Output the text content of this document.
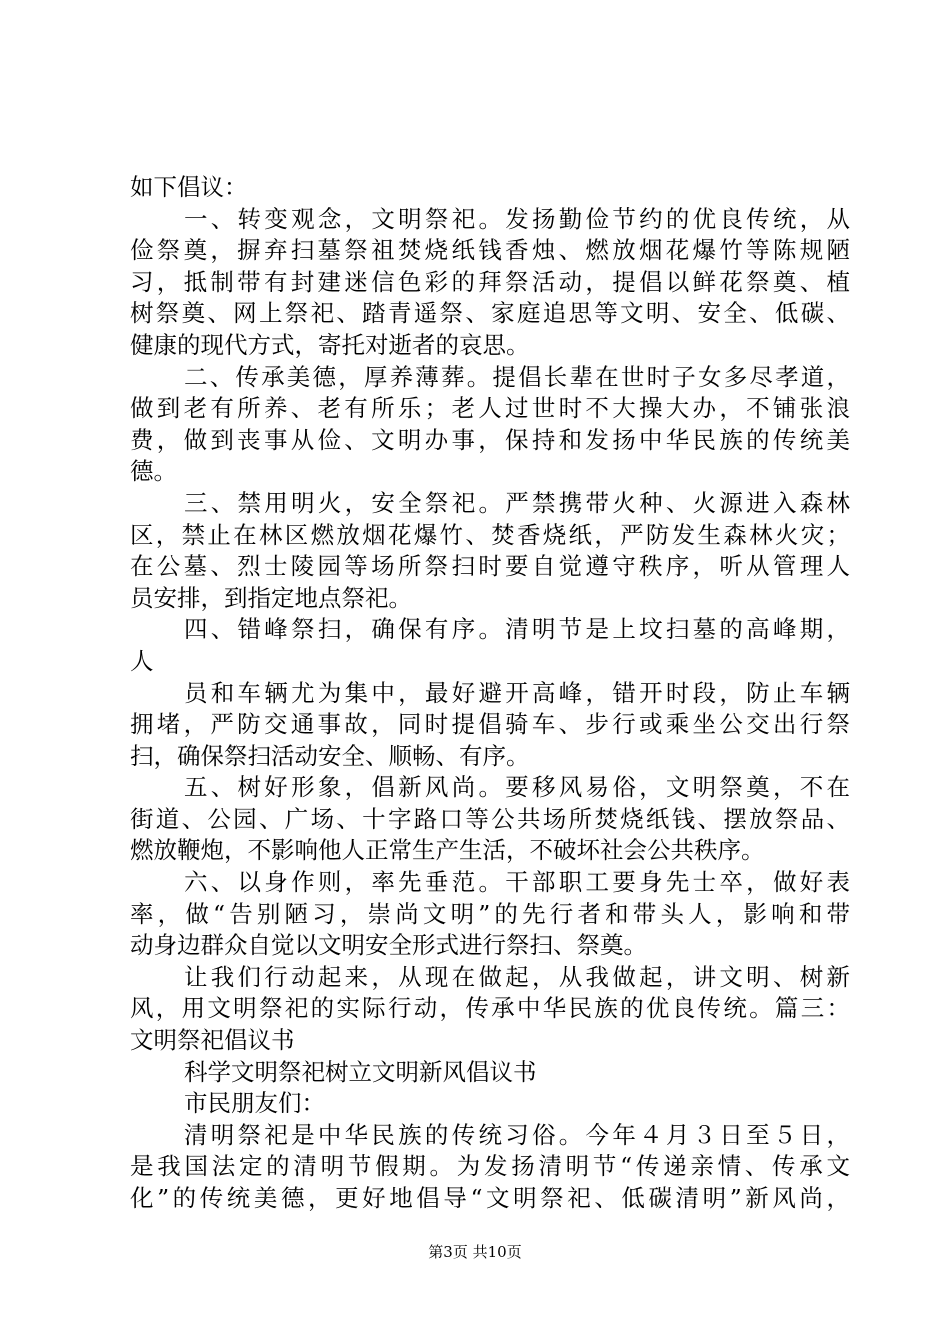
如下倡议：
一、转变观念，文明祭祀。发扬勤俭节约的优良传统，从
俭祭奠，摒弃扫墓祭祖焚烧纸钱香烛、燃放烟花爆竹等陈规陋
习，抵制带有封建迷信色彩的拜祭活动，提倡以鲜花祭奠、植
树祭奠、网上祭祀、踏青遥祭、家庭追思等文明、安全、低碳、
健康的现代方式，寄托对逝者的哀思。
二、传承美德，厚养薄葬。提倡长辈在世时子女多尽孝道，
做到老有所养、老有所乐；老人过世时不大操大办，不铺张浪
费，做到丧事从俭、文明办事，保持和发扬中华民族的传统美
德。
三、禁用明火，安全祭祀。严禁携带火种、火源进入森林
区，禁止在林区燃放烟花爆竹、焚香烧纸，严防发生森林火灾；
在公墓、烈士陵园等场所祭扫时要自觉遵守秩序，听从管理人
员安排，到指定地点祭祀。
四、错峰祭扫，确保有序。清明节是上坟扫墓的高峰期，
人
员和车辆尤为集中，最好避开高峰，错开时段，防止车辆
拥堵，严防交通事故，同时提倡骑车、步行或乘坐公交出行祭
扫，确保祭扫活动安全、顺畅、有序。
五、树好形象，倡新风尚。要移风易俗，文明祭奠，不在
街道、公园、广场、十字路口等公共场所焚烧纸钱、摆放祭品、
燃放鞭炮，不影响他人正常生产生活，不破坏社会公共秩序。
六、以身作则，率先垂范。干部职工要身先士卒，做好表
率，做“告别陋习，崇尚文明”的先行者和带头人，影响和带
动身边群众自觉以文明安全形式进行祭扫、祭奠。
让我们行动起来，从现在做起，从我做起，讲文明、树新
风，用文明祭祀的实际行动，传承中华民族的优良传统。篇三：
文明祭祀倡议书
科学文明祭祀树立文明新风倡议书
市民朋友们：
清明祭祀是中华民族的传统习俗。今年４月３日至５日，
是我国法定的清明节假期。为发扬清明节“传递亲情、传承文
化”的传统美德，更好地倡导“文明祭祀、低碳清明”新风尚，
第3页 共10页
